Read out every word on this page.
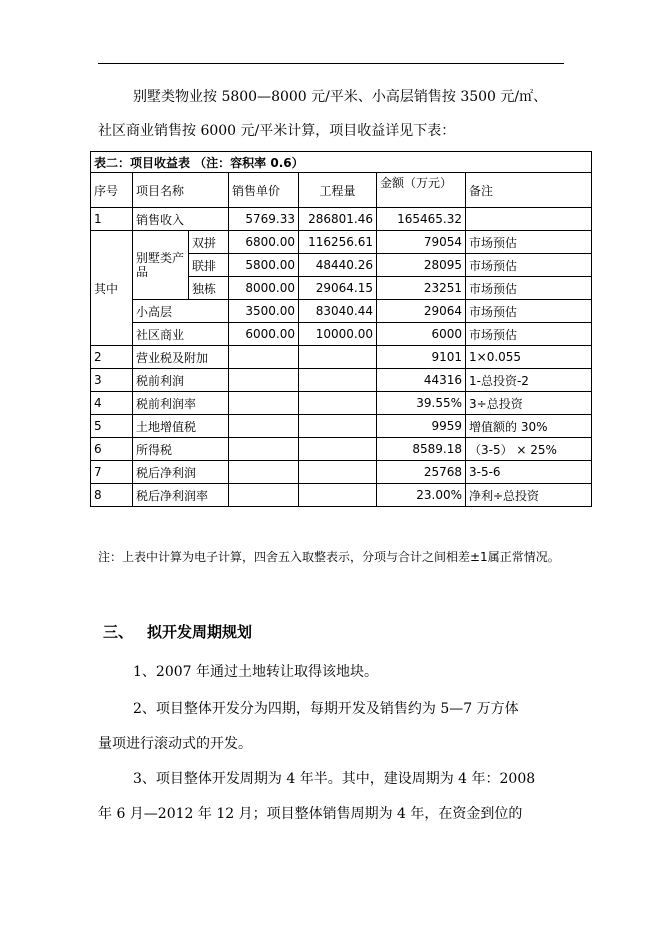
别墅类物业按 5800—8000 元/平米、小高层销售按 3500 元/㎡、
社区商业销售按 6000 元/平米计算，项目收益详见下表：
表二：项目收益表 （注：容积率 0.6）						
序号	项目名称		销售单价	工程量	金额（万元）	备注
1	销售收入		5769.33	286801.46	165465.32	
其中	别墅类产品	双拼	6800.00	116256.61	79054	市场预估
		联排	5800.00	48440.26	28095	市场预估
		独栋	8000.00	29064.15	23251	市场预估
	小高层		3500.00	83040.44	29064	市场预估
	社区商业		6000.00	10000.00	6000	市场预估
2	营业税及附加				9101	1×0.055
3	税前利润				44316	1-总投资-2
4	税前利润率				39.55%	3÷总投资
5	土地增值税				9959	增值额的 30%
6	所得税				8589.18	（3-5） × 25%
7	税后净利润				25768	3-5-6
8	税后净利润率				23.00%	净利÷总投资
注：上表中计算为电子计算，四舍五入取整表示，分项与合计之间相差±1属正常情况。
三、 拟开发周期规划
1、2007 年通过土地转让取得该地块。
2、项目整体开发分为四期，每期开发及销售约为 5—7 万方体
量项进行滚动式的开发。
3、项目整体开发周期为 4 年半。其中，建设周期为 4 年：2008
年 6 月—2012 年 12 月；项目整体销售周期为 4 年，在资金到位的
